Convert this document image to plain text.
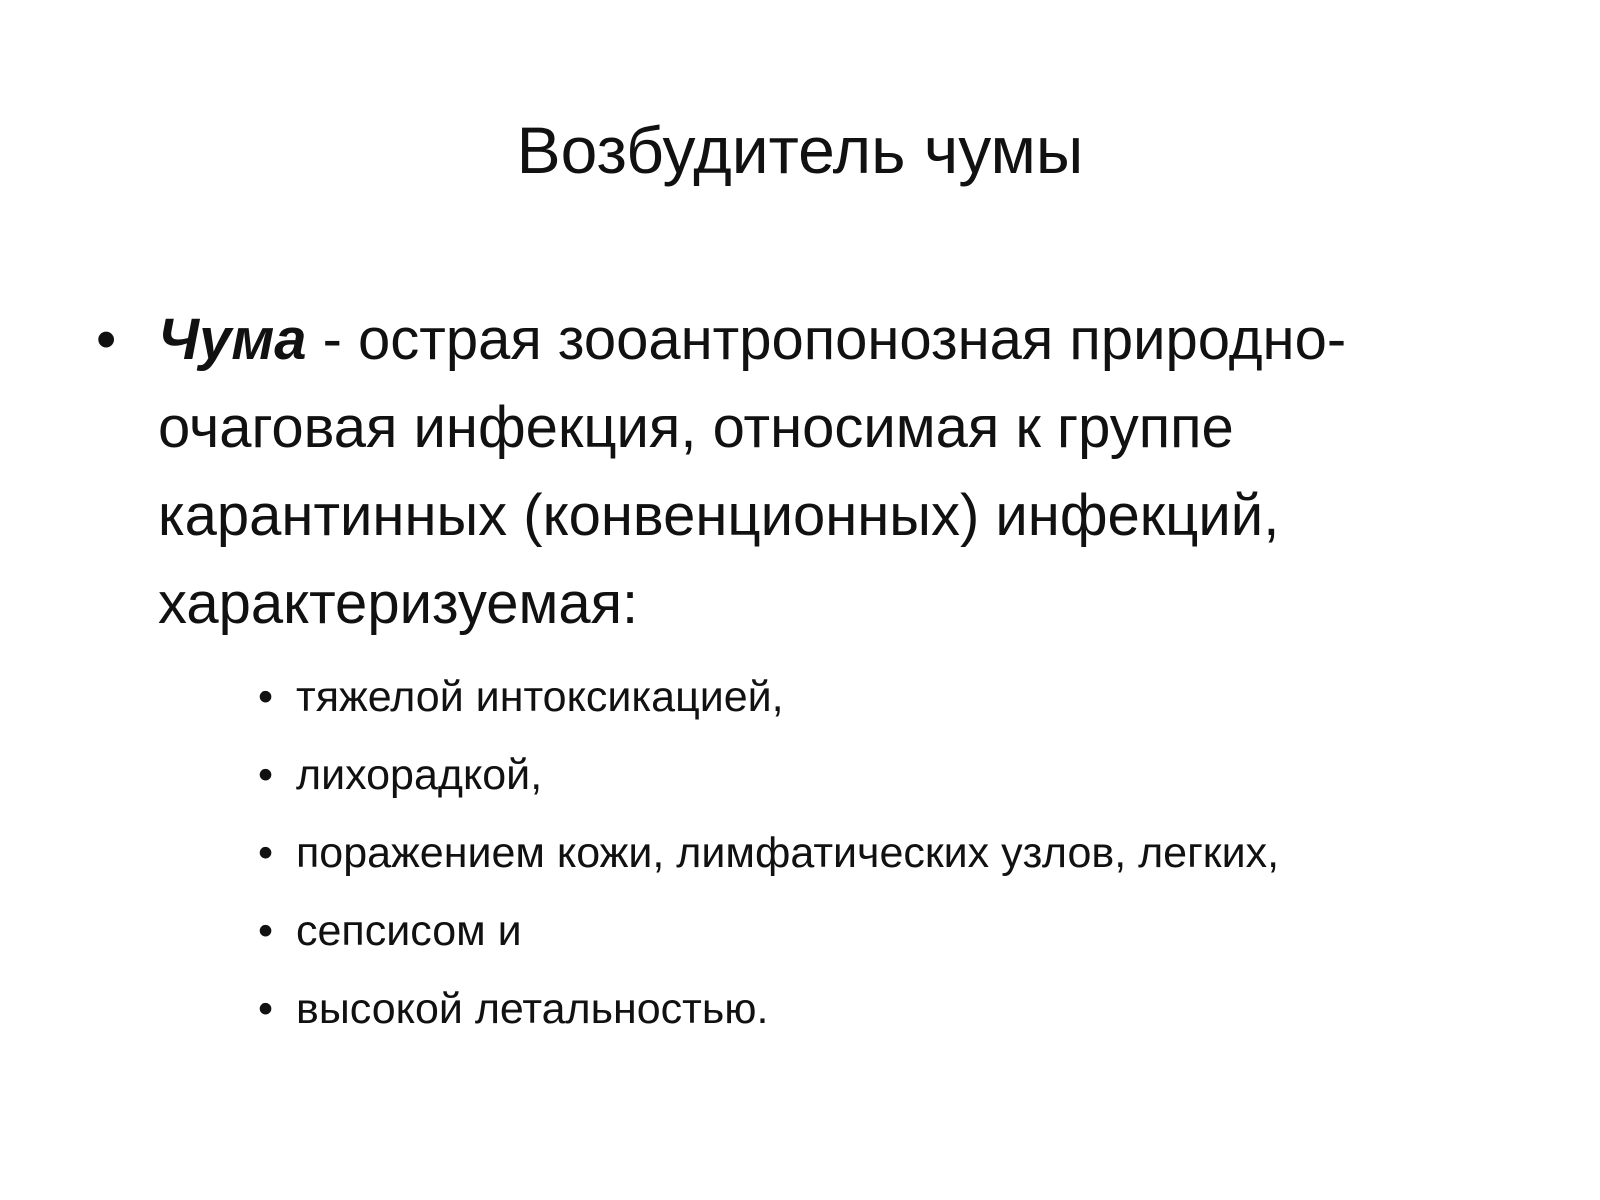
Возбудитель чумы
• Чума - острая зооантропонозная природно-очаговая инфекция, относимая к группе карантинных (конвенционных) инфекций, характеризуемая:
• тяжелой интоксикацией,
• лихорадкой,
• поражением кожи, лимфатических узлов, легких,
• сепсисом и
• высокой летальностью.
